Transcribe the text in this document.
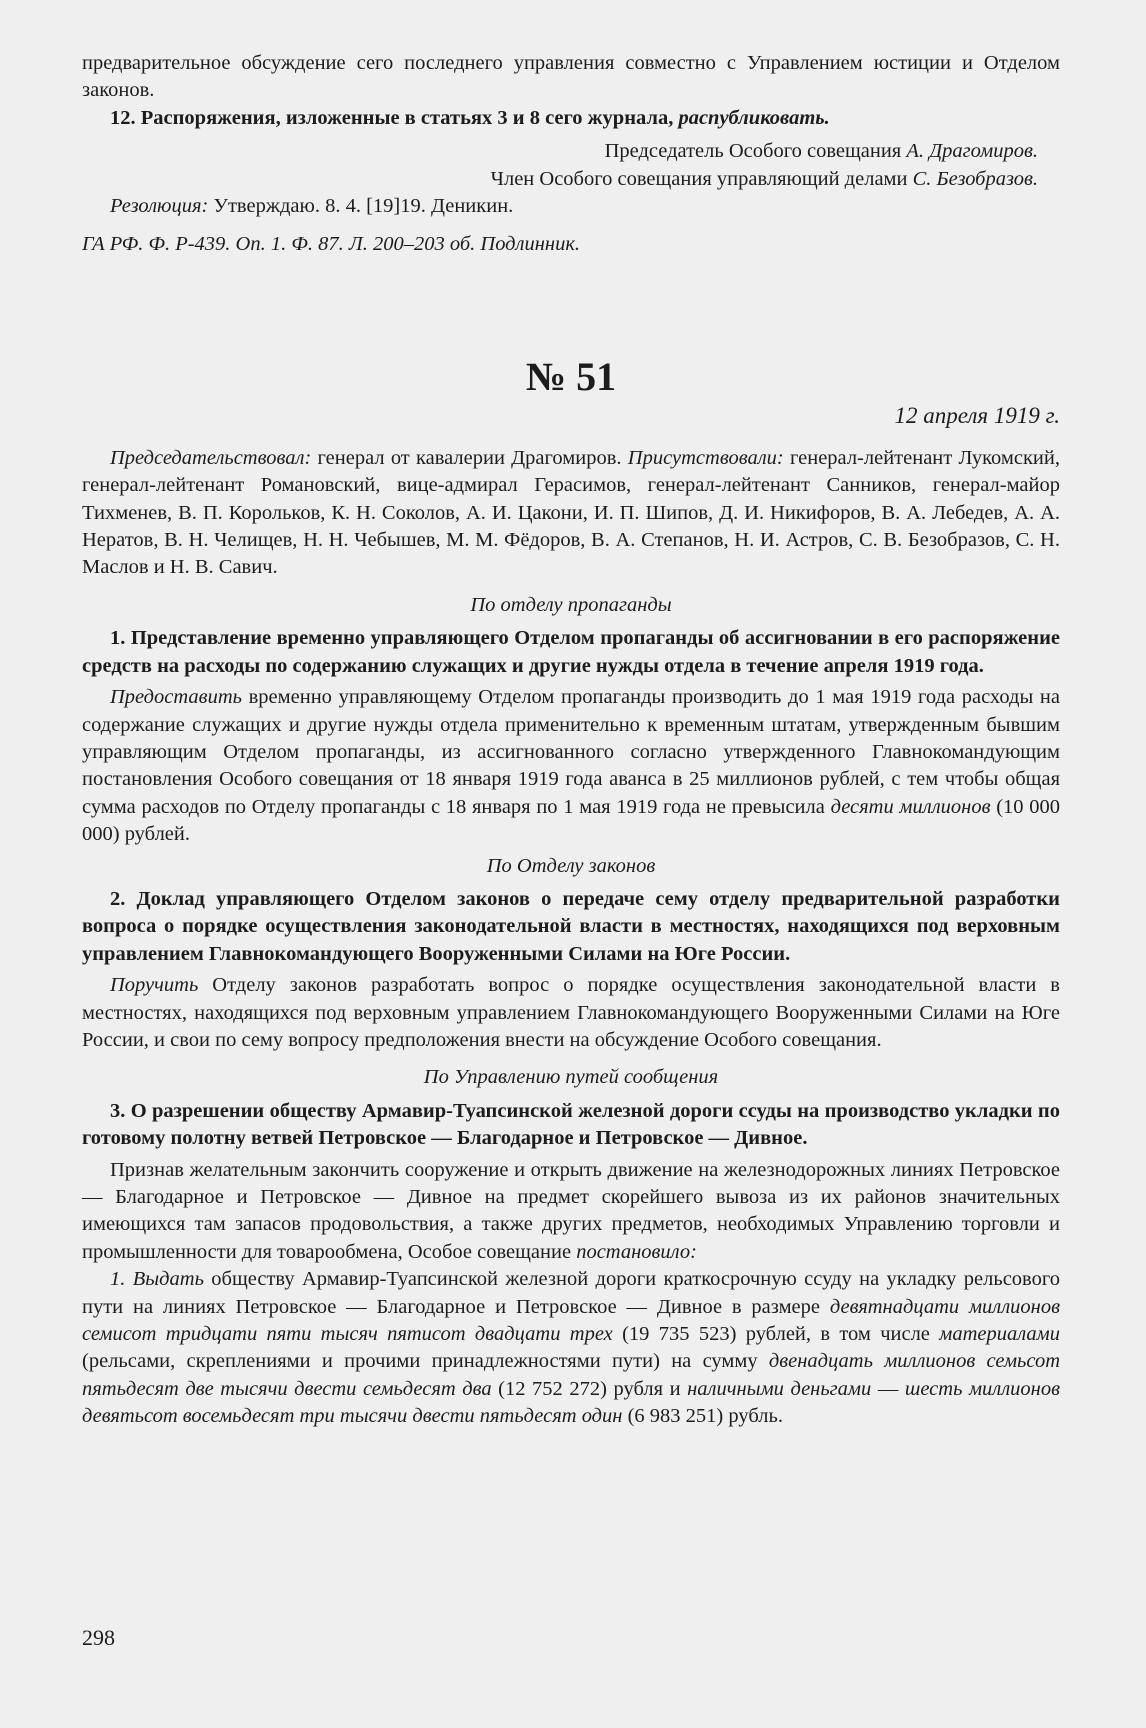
предварительное обсуждение сего последнего управления совместно с Управлением юстиции и Отделом законов.

12. Распоряжения, изложенные в статьях 3 и 8 сего журнала, распубликовать.

Председатель Особого совещания А. Драгомиров.

Член Особого совещания управляющий делами С. Безобразов.

Резолюция: Утверждаю. 8. 4. [19]19. Деникин.

ГА РФ. Ф. Р-439. Оп. 1. Ф. 87. Л. 200–203 об. Подлинник.

№ 51

12 апреля 1919 г.

Председательствовал: генерал от кавалерии Драгомиров. Присутствовали: генерал-лейтенант Лукомский, генерал-лейтенант Романовский, вице-адмирал Герасимов, генерал-лейтенант Санников, генерал-майор Тихменев, В. П. Корольков, К. Н. Соколов, А. И. Цакони, И. П. Шипов, Д. И. Никифоров, В. А. Лебедев, А. А. Нератов, В. Н. Челищев, Н. Н. Чебышев, М. М. Фёдоров, В. А. Степанов, Н. И. Астров, С. В. Безобразов, С. Н. Маслов и Н. В. Савич.

По отделу пропаганды

1. Представление временно управляющего Отделом пропаганды об ассигновании в его распоряжение средств на расходы по содержанию служащих и другие нужды отдела в течение апреля 1919 года.

Предоставить временно управляющему Отделом пропаганды производить до 1 мая 1919 года расходы на содержание служащих и другие нужды отдела применительно к временным штатам, утвержденным бывшим управляющим Отделом пропаганды, из ассигнованного согласно утвержденного Главнокомандующим постановления Особого совещания от 18 января 1919 года аванса в 25 миллионов рублей, с тем чтобы общая сумма расходов по Отделу пропаганды с 18 января по 1 мая 1919 года не превысила десяти миллионов (10 000 000) рублей.

По Отделу законов

2. Доклад управляющего Отделом законов о передаче сему отделу предварительной разработки вопроса о порядке осуществления законодательной власти в местностях, находящихся под верховным управлением Главнокомандующего Вооруженными Силами на Юге России.

Поручить Отделу законов разработать вопрос о порядке осуществления законодательной власти в местностях, находящихся под верховным управлением Главнокомандующего Вооруженными Силами на Юге России, и свои по сему вопросу предположения внести на обсуждение Особого совещания.

По Управлению путей сообщения

3. О разрешении обществу Армавир-Туапсинской железной дороги ссуды на производство укладки по готовому полотну ветвей Петровское — Благодарное и Петровское — Дивное.

Признав желательным закончить сооружение и открыть движение на железнодорожных линиях Петровское — Благодарное и Петровское — Дивное на предмет скорейшего вывоза из их районов значительных имеющихся там запасов продовольствия, а также других предметов, необходимых Управлению торговли и промышленности для товарообмена, Особое совещание постановило:

1. Выдать обществу Армавир-Туапсинской железной дороги краткосрочную ссуду на укладку рельсового пути на линиях Петровское — Благодарное и Петровское — Дивное в размере девятнадцати миллионов семисот тридцати пяти тысяч пятисот двадцати трех (19 735 523) рублей, в том числе материалами (рельсами, скреплениями и прочими принадлежностями пути) на сумму двенадцать миллионов семьсот пятьдесят две тысячи двести семьдесят два (12 752 272) рубля и наличными деньгами — шесть миллионов девятьсот восемьдесят три тысячи двести пятьдесят один (6 983 251) рубль.

298
